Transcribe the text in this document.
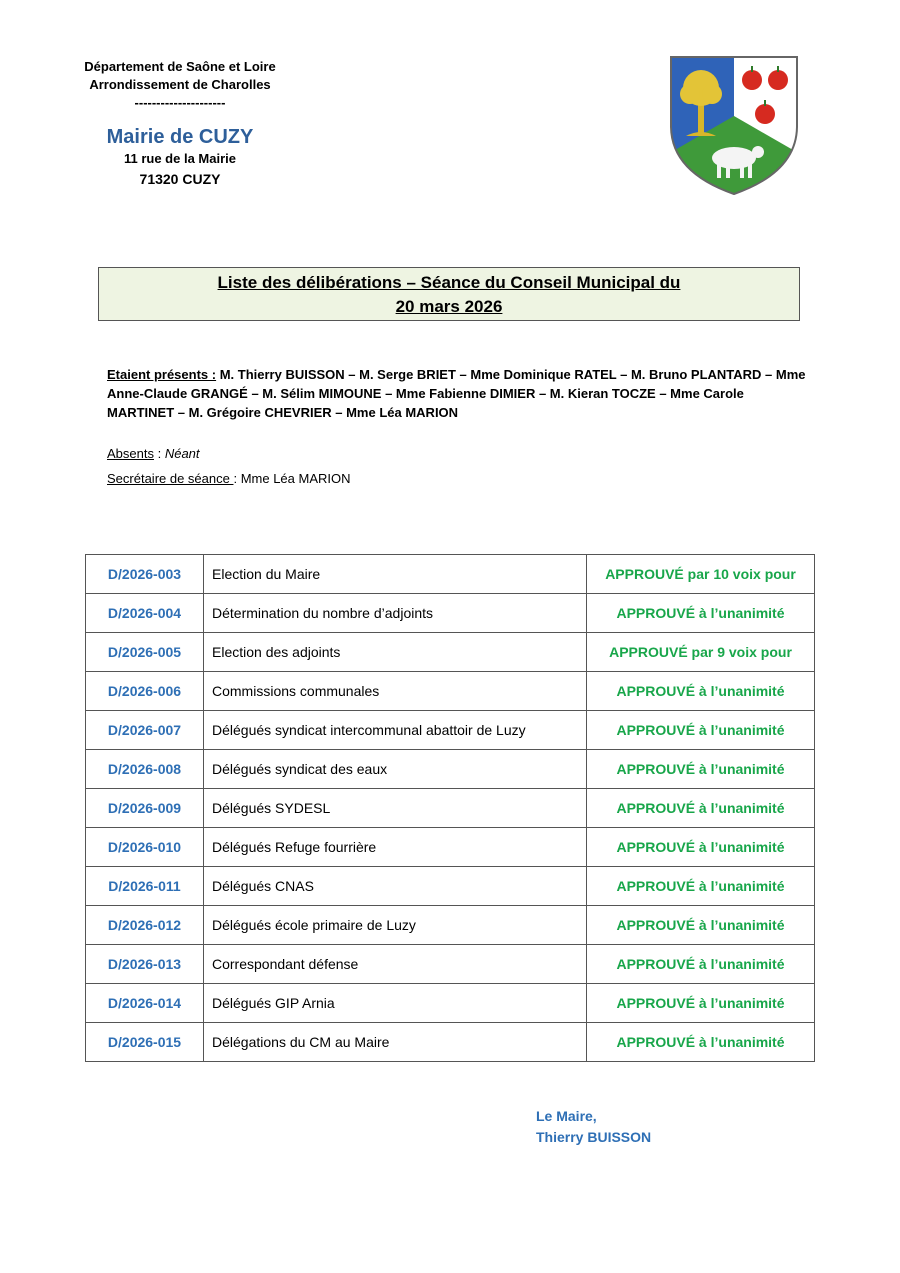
Département de Saône et Loire
Arrondissement de Charolles
---------------------
Mairie de CUZY
11 rue de la Mairie
71320 CUZY
Liste des délibérations – Séance du Conseil Municipal du
20 mars 2026
Etaient présents : M. Thierry BUISSON – M. Serge BRIET – Mme Dominique RATEL – M. Bruno PLANTARD – Mme Anne-Claude GRANGÉ – M. Sélim MIMOUNE – Mme Fabienne DIMIER – M. Kieran TOCZE – Mme Carole MARTINET – M. Grégoire CHEVRIER – Mme Léa MARION
Absents : Néant
Secrétaire de séance : Mme Léa MARION
D/2026-003	Election du Maire	APPROUVÉ par 10 voix pour
D/2026-004	Détermination du nombre d’adjoints	APPROUVÉ à l’unanimité
D/2026-005	Election des adjoints	APPROUVÉ par 9 voix pour
D/2026-006	Commissions communales	APPROUVÉ à l’unanimité
D/2026-007	Délégués syndicat intercommunal abattoir de Luzy	APPROUVÉ à l’unanimité
D/2026-008	Délégués syndicat des eaux	APPROUVÉ à l’unanimité
D/2026-009	Délégués SYDESL	APPROUVÉ à l’unanimité
D/2026-010	Délégués Refuge fourrière	APPROUVÉ à l’unanimité
D/2026-011	Délégués CNAS	APPROUVÉ à l’unanimité
D/2026-012	Délégués école primaire de Luzy	APPROUVÉ à l’unanimité
D/2026-013	Correspondant défense	APPROUVÉ à l’unanimité
D/2026-014	Délégués GIP Arnia	APPROUVÉ à l’unanimité
D/2026-015	Délégations du CM au Maire	APPROUVÉ à l’unanimité
Le Maire,
Thierry BUISSON
